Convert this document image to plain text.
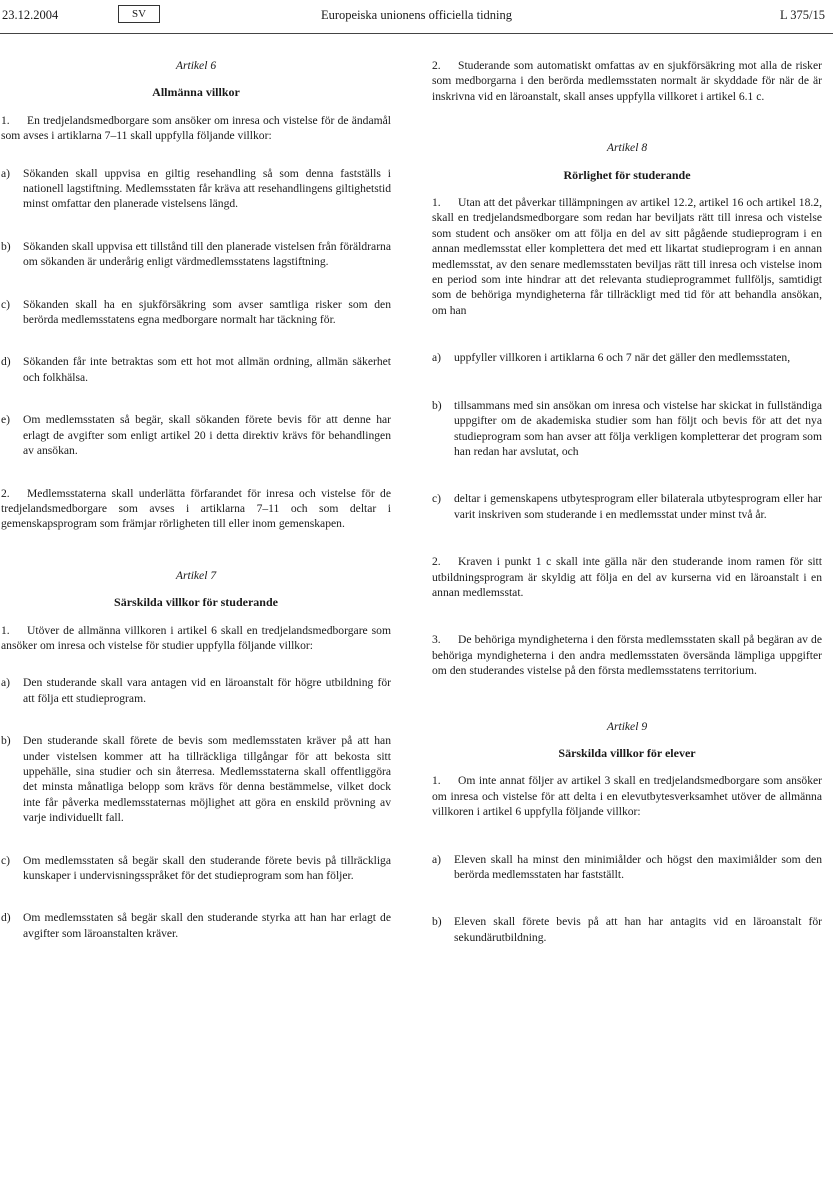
23.12.2004	SV	Europeiska unionens officiella tidning	L 375/15

Artikel 6

Allmänna villkor

1. En tredjelandsmedborgare som ansöker om inresa och vistelse för de ändamål som avses i artiklarna 7–11 skall uppfylla följande villkor:

a) Sökanden skall uppvisa en giltig resehandling så som denna fastställs i nationell lagstiftning. Medlemsstaten får kräva att resehandlingens giltighetstid minst omfattar den planerade vistelsens längd.

b) Sökanden skall uppvisa ett tillstånd till den planerade vistelsen från föräldrarna om sökanden är underårig enligt värdmedlemsstatens lagstiftning.

c) Sökanden skall ha en sjukförsäkring som avser samtliga risker som den berörda medlemsstatens egna medborgare normalt har täckning för.

d) Sökanden får inte betraktas som ett hot mot allmän ordning, allmän säkerhet och folkhälsa.

e) Om medlemsstaten så begär, skall sökanden förete bevis för att denne har erlagt de avgifter som enligt artikel 20 i detta direktiv krävs för behandlingen av ansökan.

2. Medlemsstaterna skall underlätta förfarandet för inresa och vistelse för de tredjelandsmedborgare som avses i artiklarna 7–11 och som deltar i gemenskapsprogram som främjar rörligheten till eller inom gemenskapen.

Artikel 7

Särskilda villkor för studerande

1. Utöver de allmänna villkoren i artikel 6 skall en tredjelandsmedborgare som ansöker om inresa och vistelse för studier uppfylla följande villkor:

a) Den studerande skall vara antagen vid en läroanstalt för högre utbildning för att följa ett studieprogram.

b) Den studerande skall förete de bevis som medlemsstaten kräver på att han under vistelsen kommer att ha tillräckliga tillgångar för att bekosta sitt uppehälle, sina studier och sin återresa. Medlemsstaterna skall offentliggöra det minsta månatliga belopp som krävs för denna bestämmelse, vilket dock inte får påverka medlemsstaternas möjlighet att göra en enskild prövning av varje individuellt fall.

c) Om medlemsstaten så begär skall den studerande förete bevis på tillräckliga kunskaper i undervisningsspråket för det studieprogram som han följer.

d) Om medlemsstaten så begär skall den studerande styrka att han har erlagt de avgifter som läroanstalten kräver.

2. Studerande som automatiskt omfattas av en sjukförsäkring mot alla de risker som medborgarna i den berörda medlemsstaten normalt är skyddade för när de är inskrivna vid en läroanstalt, skall anses uppfylla villkoret i artikel 6.1 c.

Artikel 8

Rörlighet för studerande

1. Utan att det påverkar tillämpningen av artikel 12.2, artikel 16 och artikel 18.2, skall en tredjelandsmedborgare som redan har beviljats rätt till inresa och vistelse som student och ansöker om att följa en del av sitt pågående studieprogram i en annan medlemsstat eller komplettera det med ett likartat studieprogram i en annan medlemsstat, av den senare medlemsstaten beviljas rätt till inresa och vistelse inom en period som inte hindrar att det relevanta studieprogrammet fullföljs, samtidigt som de behöriga myndigheterna får tillräckligt med tid för att behandla ansökan, om han

a) uppfyller villkoren i artiklarna 6 och 7 när det gäller den medlemsstaten,

b) tillsammans med sin ansökan om inresa och vistelse har skickat in fullständiga uppgifter om de akademiska studier som han följt och bevis för att det nya studieprogram som han avser att följa verkligen kompletterar det program som han redan har avslutat, och

c) deltar i gemenskapens utbytesprogram eller bilaterala utbytesprogram eller har varit inskriven som studerande i en medlemsstat under minst två år.

2. Kraven i punkt 1 c skall inte gälla när den studerande inom ramen för sitt utbildningsprogram är skyldig att följa en del av kurserna vid en läroanstalt i en annan medlemsstat.

3. De behöriga myndigheterna i den första medlemsstaten skall på begäran av de behöriga myndigheterna i den andra medlemsstaten översända lämpliga uppgifter om den studerandes vistelse på den första medlemsstatens territorium.

Artikel 9

Särskilda villkor för elever

1. Om inte annat följer av artikel 3 skall en tredjelandsmedborgare som ansöker om inresa och vistelse för att delta i en elevutbytesverksamhet utöver de allmänna villkoren i artikel 6 uppfylla följande villkor:

a) Eleven skall ha minst den minimiålder och högst den maximiålder som den berörda medlemsstaten har fastställt.

b) Eleven skall förete bevis på att han har antagits vid en läroanstalt för sekundärutbildning.
